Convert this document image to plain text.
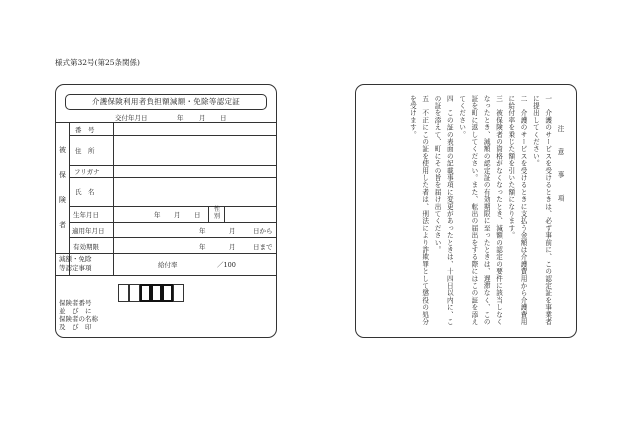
様式第32号(第25条関係)
介護保険利用者負担額減額・免除等認定証
交付年月日	年 月 日
被
保
険
者
番　号
住　所
フリガナ
氏　名
生年月日	年 月 日
性　別
適用年月日	年	月	日から
有効期限	年	月	日まで
減額・免除
等認定事項	給付率	／100
保険者番号
並　び　に
保険者の名称
及　び　印

注　意　事　項

一　介護のサービスを受けるときは、必ず事前に、この認定証を事業者に提出してください。

二　介護のサービスを受けるときに支払う金額は介護費用から介護費用に給付率を乗じた額を引いた額になります。

三　被保険者の資格がなくなったとき、減額の認定の要件に該当しなくなったとき、減額の認定証の有効期限に至ったときは、遅滞なく、この証を町に返してください。また、転出の届出をする際にはこの証を添えてください。

四　この証の表面の記載事項に変更があったときは、十四日以内に、この証を添えて、町にその旨を届け出てください。

五　不正にこの証を使用した者は、刑法により詐欺罪として懲役の処分を受けます。
